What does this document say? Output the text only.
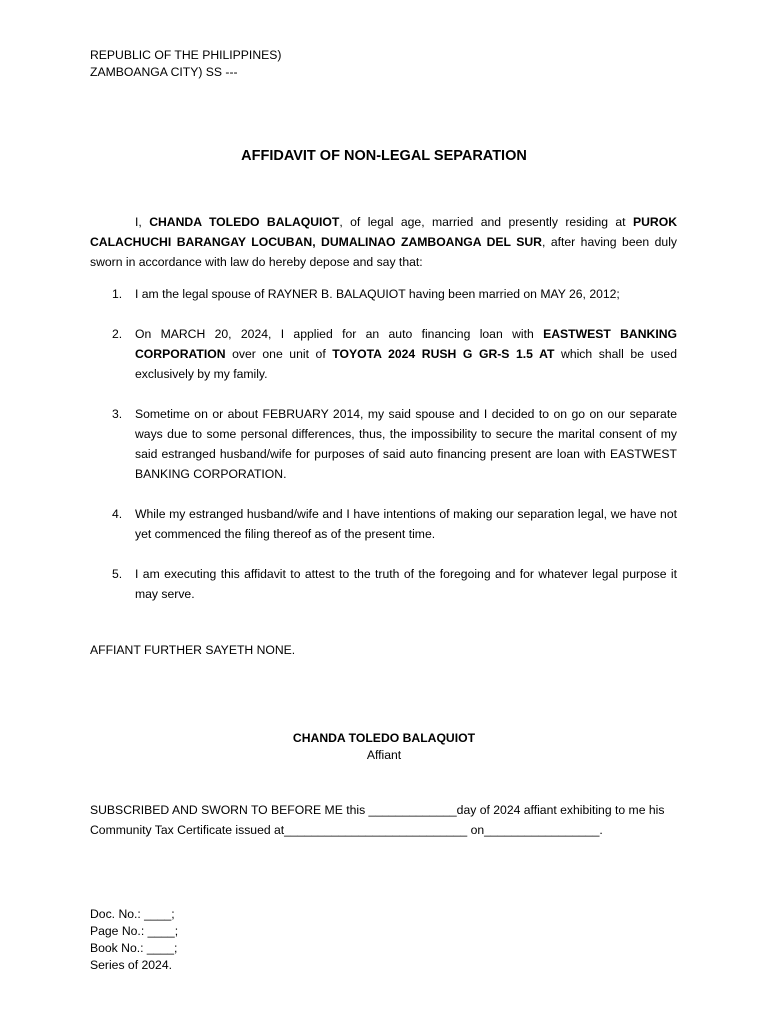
REPUBLIC OF THE PHILIPPINES)
ZAMBOANGA CITY) SS ---
AFFIDAVIT OF NON-LEGAL SEPARATION

I, CHANDA TOLEDO BALAQUIOT, of legal age, married and presently residing at PUROK CALACHUCHI BARANGAY LOCUBAN, DUMALINAO ZAMBOANGA DEL SUR, after having been duly sworn in accordance with law do hereby depose and say that:

1. I am the legal spouse of RAYNER B. BALAQUIOT having been married on MAY 26, 2012;
2. On MARCH 20, 2024, I applied for an auto financing loan with EASTWEST BANKING CORPORATION over one unit of TOYOTA 2024 RUSH G GR-S 1.5 AT which shall be used exclusively by my family.
3. Sometime on or about FEBRUARY 2014, my said spouse and I decided to on go on our separate ways due to some personal differences, thus, the impossibility to secure the marital consent of my said estranged husband/wife for purposes of said auto financing present are loan with EASTWEST BANKING CORPORATION.
4. While my estranged husband/wife and I have intentions of making our separation legal, we have not yet commenced the filing thereof as of the present time.
5. I am executing this affidavit to attest to the truth of the foregoing and for whatever legal purpose it may serve.
AFFIANT FURTHER SAYETH NONE.
CHANDA TOLEDO BALAQUIOT
Affiant
SUBSCRIBED AND SWORN TO BEFORE ME this _____________day of 2024 affiant exhibiting to me his
Community Tax Certificate issued at___________________________ on_________________.
Doc. No.: ____;
Page No.: ____;
Book No.: ____;
Series of 2024.
